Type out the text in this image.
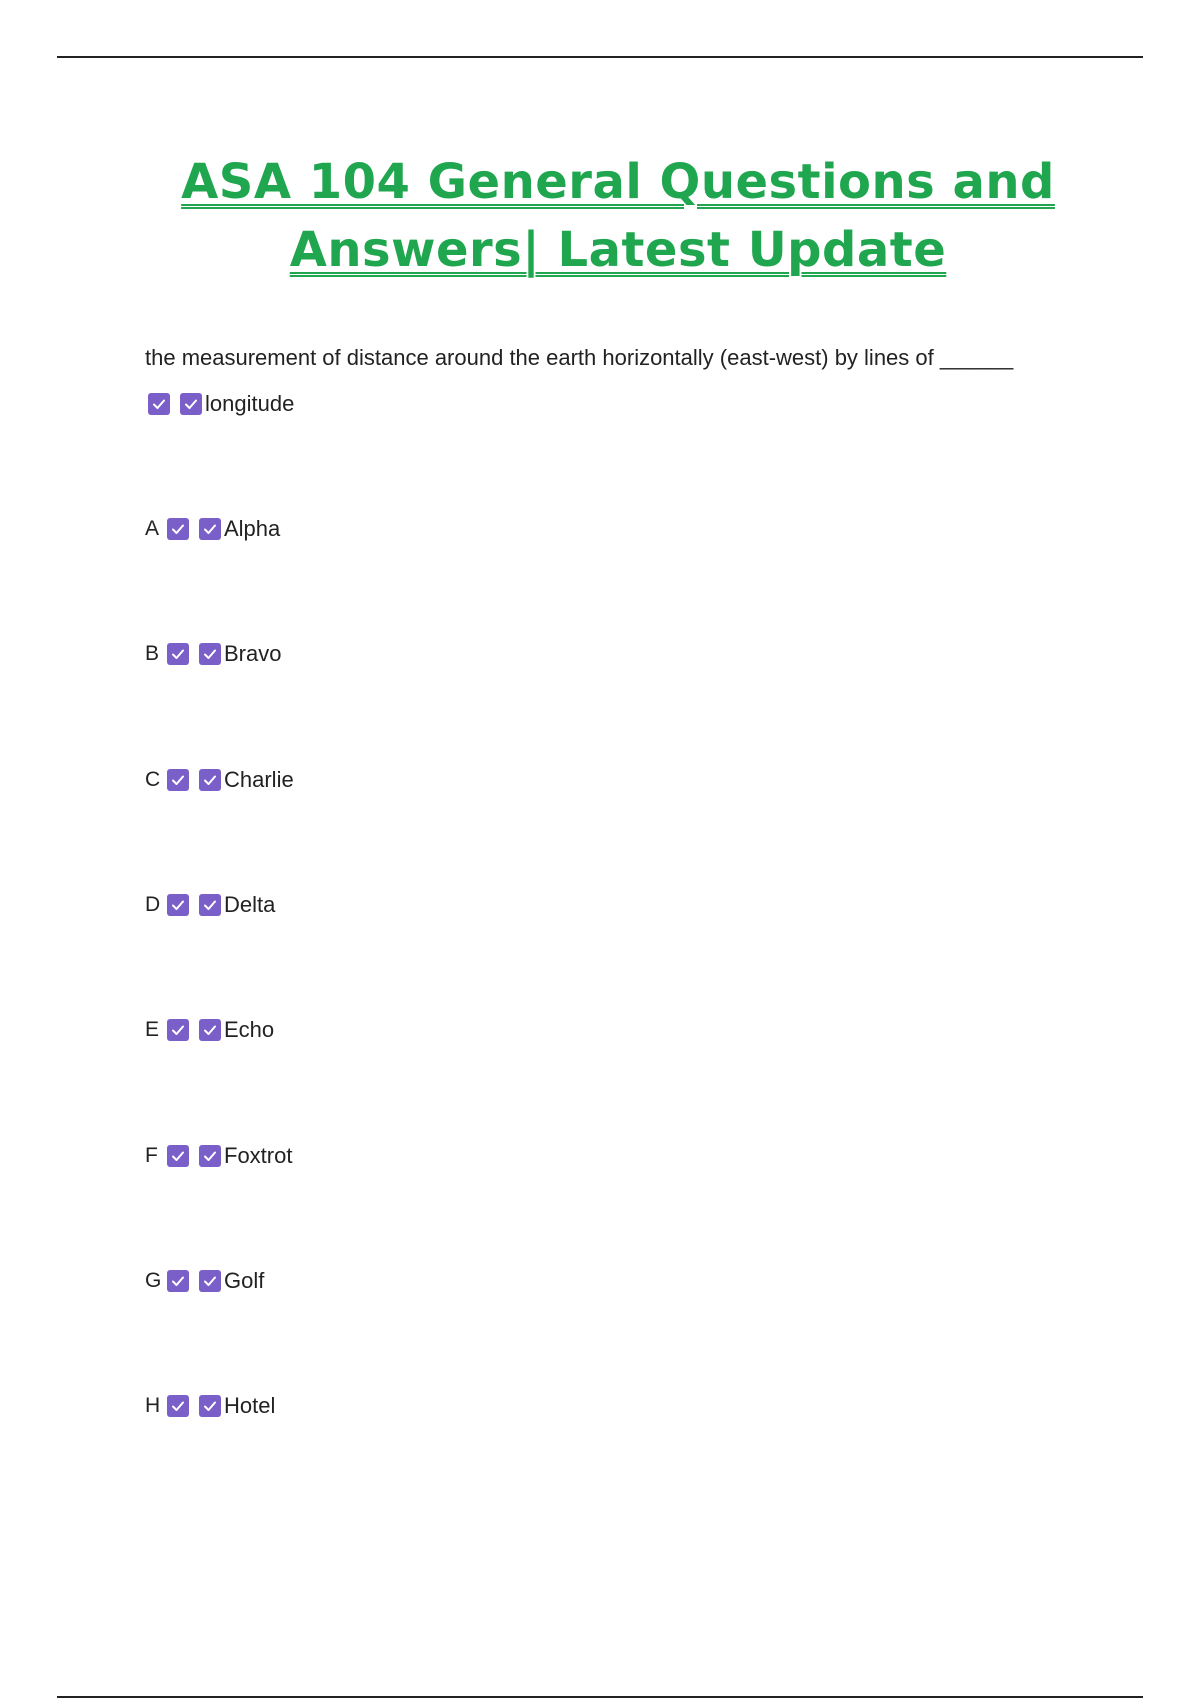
ASA 104 General Questions and
Answers| Latest Update
the measurement of distance around the earth horizontally (east-west) by lines of ______
longitude
A	Alpha
B	Bravo
C	Charlie
D	Delta
E	Echo
F	Foxtrot
G	Golf
H	Hotel
